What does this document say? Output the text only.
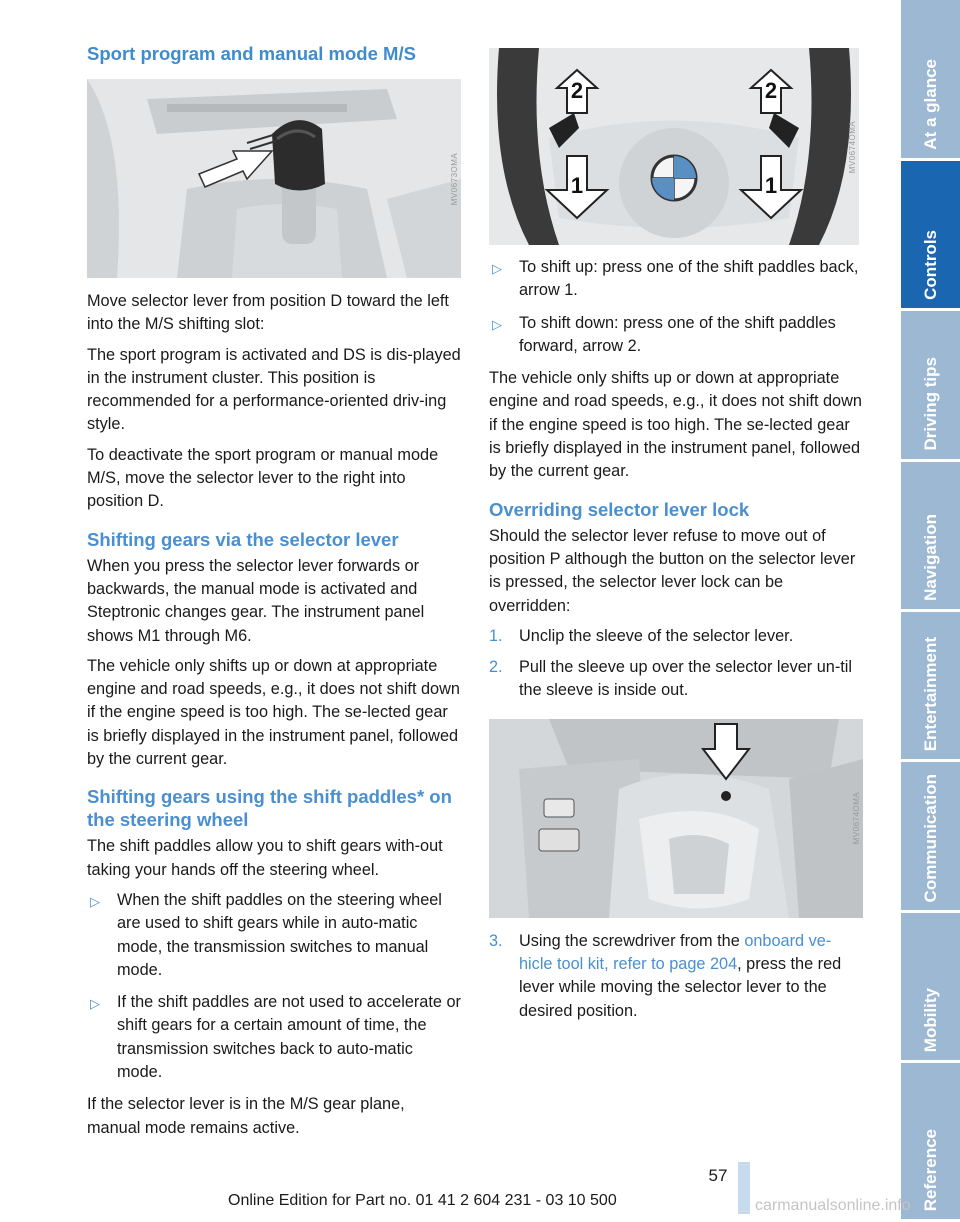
Sport program and manual mode M/S
MV0673OMA

Move selector lever from position D toward the left into the M/S shifting slot:

The sport program is activated and DS is dis-played in the instrument cluster. This position is recommended for a performance-oriented driv-ing style.

To deactivate the sport program or manual mode M/S, move the selector lever to the right into position D.

Shifting gears via the selector lever

When you press the selector lever forwards or backwards, the manual mode is activated and Steptronic changes gear. The instrument panel shows M1 through M6.

The vehicle only shifts up or down at appropriate engine and road speeds, e.g., it does not shift down if the engine speed is too high. The se-lected gear is briefly displayed in the instrument panel, followed by the current gear.

Shifting gears using the shift paddles* on the steering wheel

The shift paddles allow you to shift gears with-out taking your hands off the steering wheel.

▷ When the shift paddles on the steering wheel are used to shift gears while in auto-matic mode, the transmission switches to manual mode.
▷ If the shift paddles are not used to accelerate or shift gears for a certain amount of time, the transmission switches back to auto-matic mode.

If the selector lever is in the M/S gear plane, manual mode remains active.

2	2
1	1
MV0674OMA
▷ To shift up: press one of the shift paddles back, arrow 1.
▷ To shift down: press one of the shift paddles forward, arrow 2.

The vehicle only shifts up or down at appropriate engine and road speeds, e.g., it does not shift down if the engine speed is too high. The se-lected gear is briefly displayed in the instrument panel, followed by the current gear.

Overriding selector lever lock

Should the selector lever refuse to move out of position P although the button on the selector lever is pressed, the selector lever lock can be overridden:

1. Unclip the sleeve of the selector lever.
2. Pull the sleeve up over the selector lever un-til the sleeve is inside out.
MV0674OMA
3. Using the screwdriver from the onboard ve-hicle tool kit, refer to page 204, press the red lever while moving the selector lever to the desired position.
At a glance
Controls
Driving tips
Navigation
Entertainment
Communication
Mobility
Reference
57
Online Edition for Part no. 01 41 2 604 231 - 03 10 500	carmanualsonline.info
